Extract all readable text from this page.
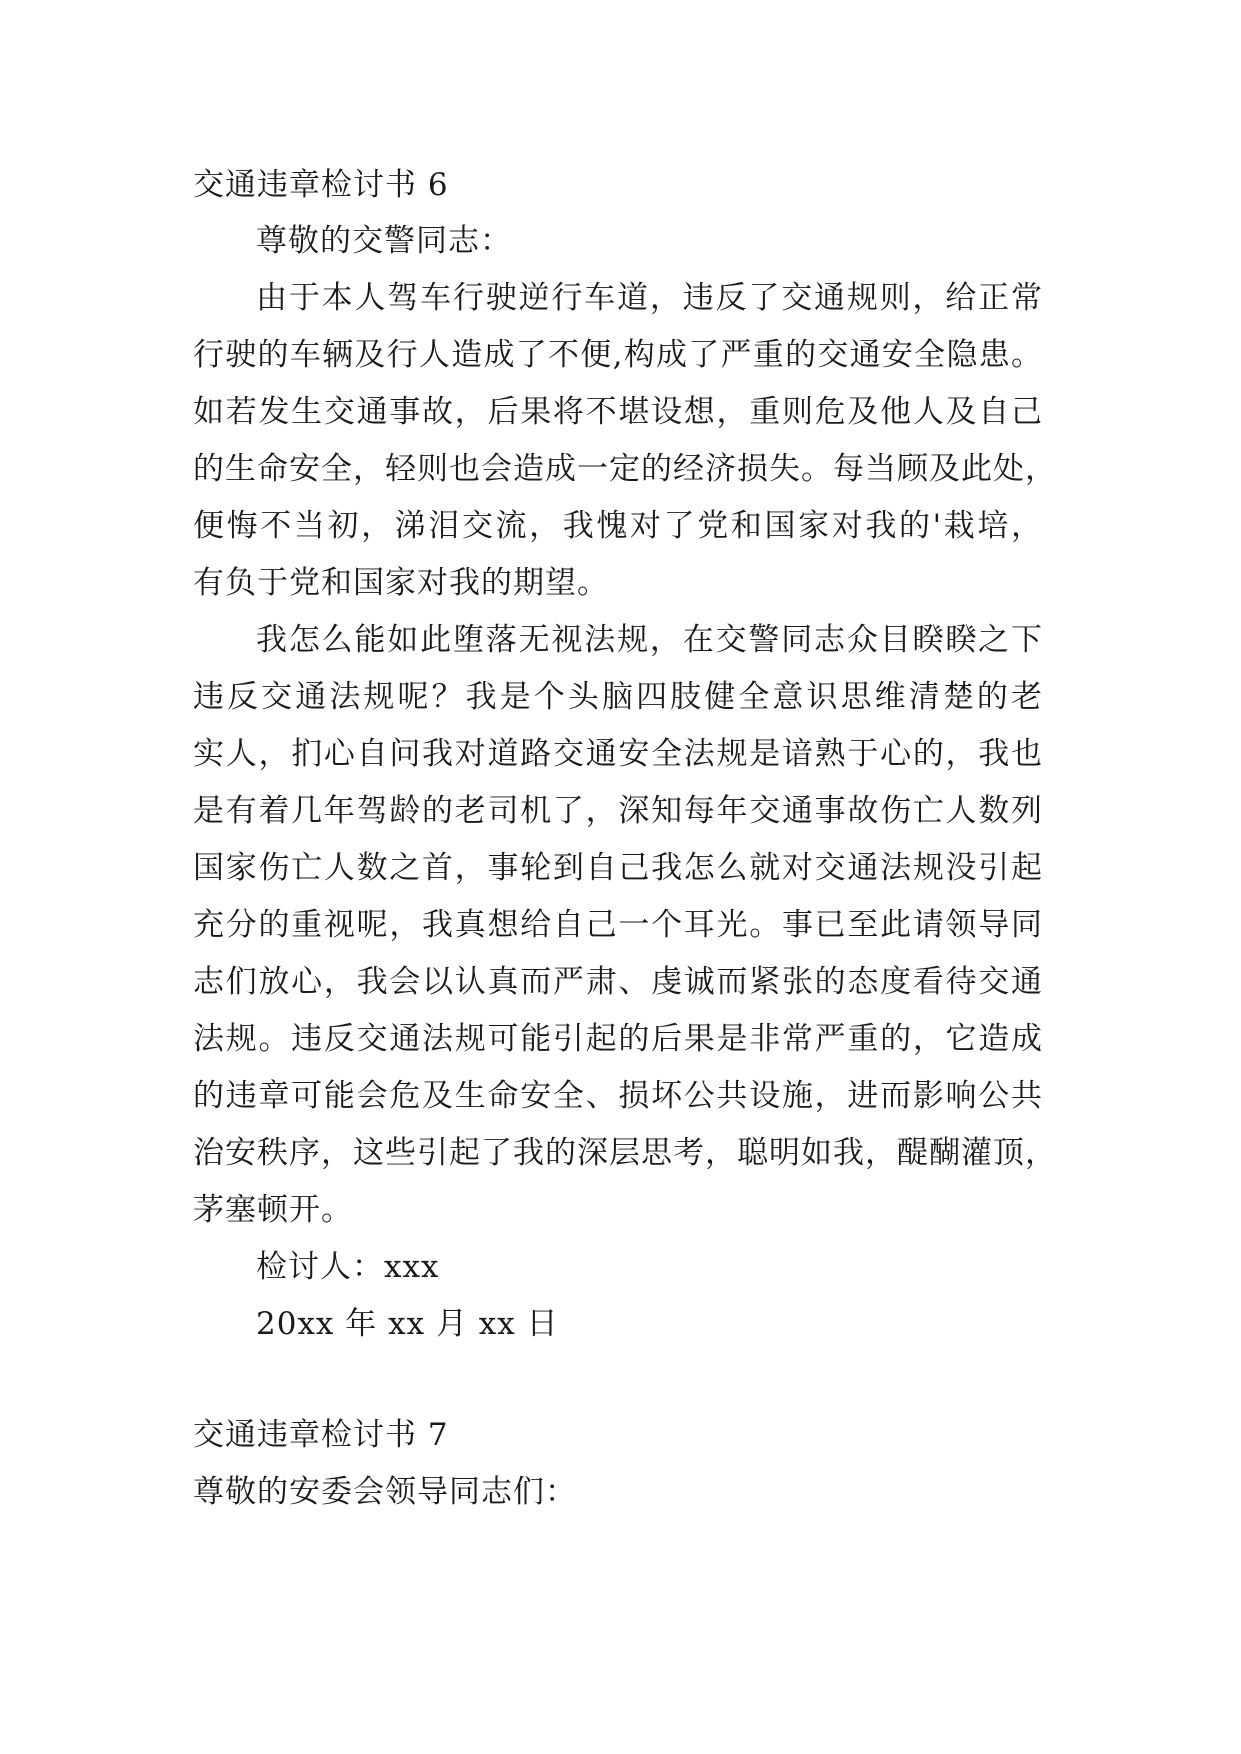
交通违章检讨书 6
尊敬的交警同志：
由于本人驾车行驶逆行车道，违反了交通规则，给正常
行驶的车辆及行人造成了不便,构成了严重的交通安全隐患。
如若发生交通事故，后果将不堪设想，重则危及他人及自己
的生命安全，轻则也会造成一定的经济损失。每当顾及此处，
便悔不当初，涕泪交流，我愧对了党和国家对我的'栽培，
有负于党和国家对我的期望。
我怎么能如此堕落无视法规，在交警同志众目睽睽之下
违反交通法规呢？我是个头脑四肢健全意识思维清楚的老
实人，扪心自问我对道路交通安全法规是谙熟于心的，我也
是有着几年驾龄的老司机了，深知每年交通事故伤亡人数列
国家伤亡人数之首，事轮到自己我怎么就对交通法规没引起
充分的重视呢，我真想给自己一个耳光。事已至此请领导同
志们放心，我会以认真而严肃、虔诚而紧张的态度看待交通
法规。违反交通法规可能引起的后果是非常严重的，它造成
的违章可能会危及生命安全、损坏公共设施，进而影响公共
治安秩序，这些引起了我的深层思考，聪明如我，醍醐灌顶，
茅塞顿开。
检讨人：xxx
20xx 年 xx 月 xx 日
交通违章检讨书 7
尊敬的安委会领导同志们：
